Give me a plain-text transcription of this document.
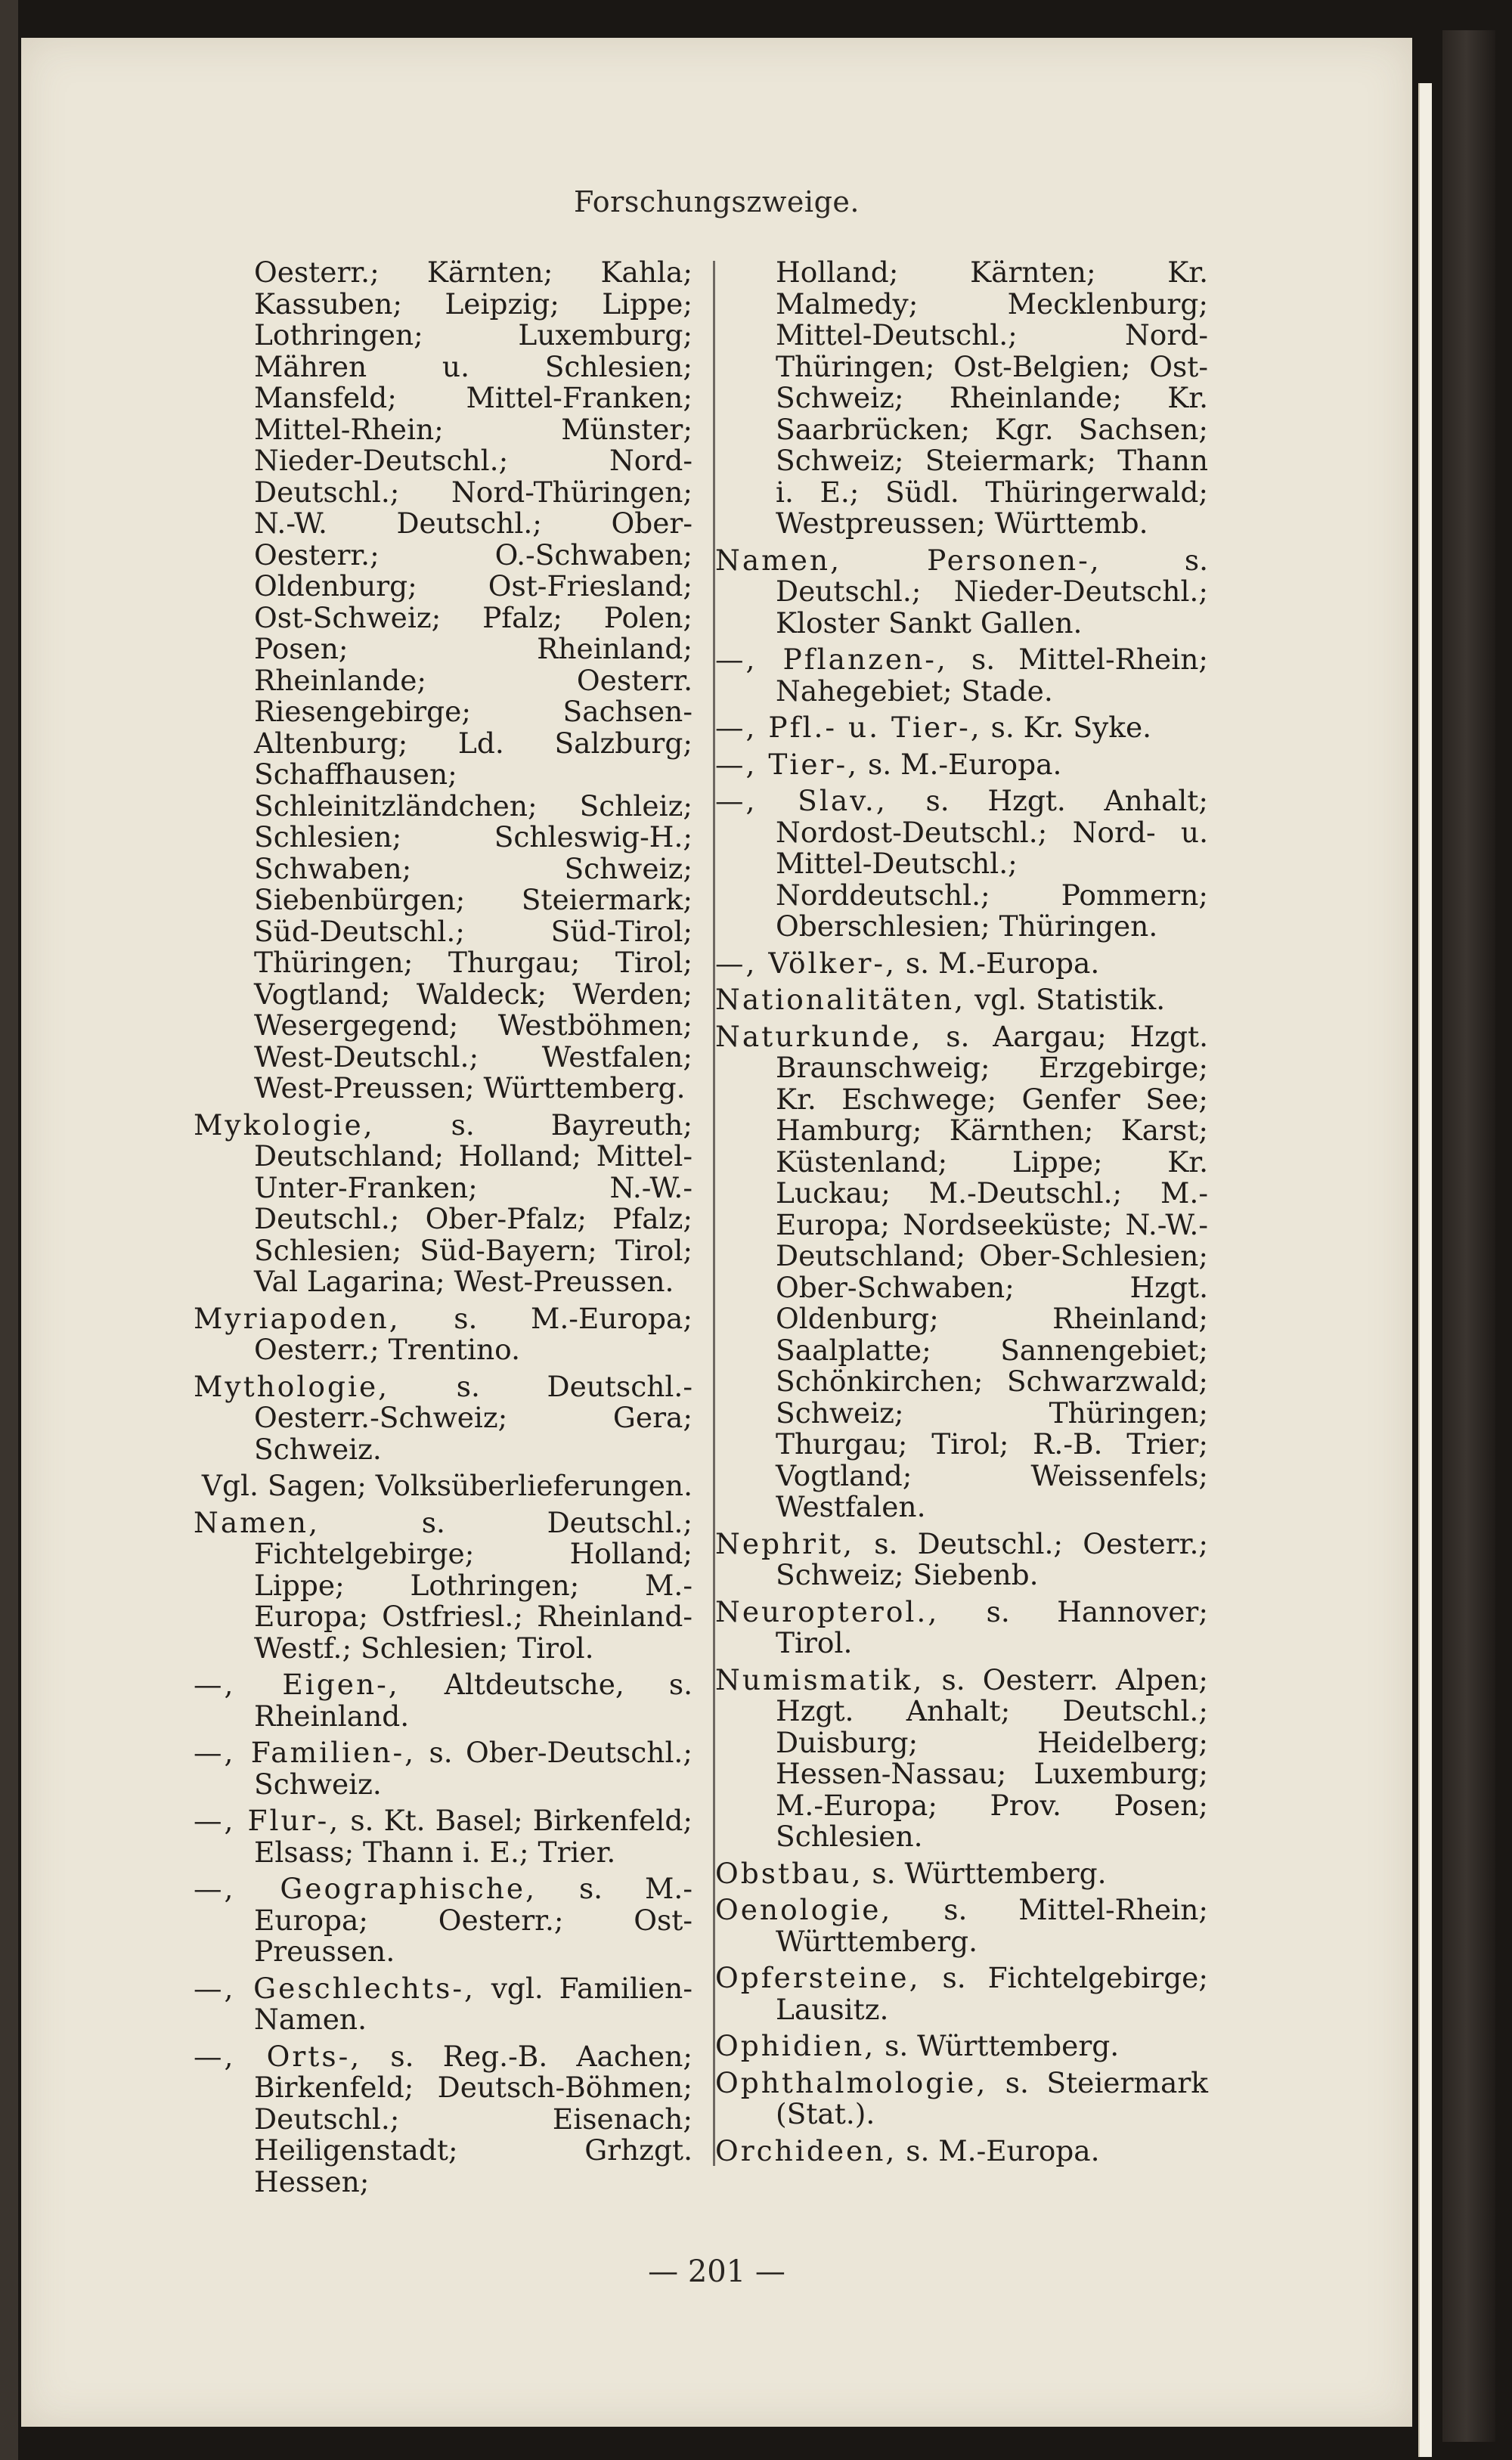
Forschungszweige.

Oesterr.; Kärnten; Kahla; Kassuben; Leipzig; Lippe; Lothringen; Luxemburg; Mähren u. Schlesien; Mansfeld; Mittel-Franken; Mittel-Rhein; Münster; Nieder-Deutschl.; Nord-Deutschl.; Nord-Thüringen; N.-W. Deutschl.; Ober-Oesterr.; O.-Schwaben; Oldenburg; Ost-Friesland; Ost-Schweiz; Pfalz; Polen; Posen; Rheinland; Rheinlande; Oesterr. Riesengebirge; Sachsen-Altenburg; Ld. Salzburg; Schaffhausen; Schleinitzländchen; Schleiz; Schlesien; Schleswig-H.; Schwaben; Schweiz; Siebenbürgen; Steiermark; Süd-Deutschl.; Süd-Tirol; Thüringen; Thurgau; Tirol; Vogtland; Waldeck; Werden; Wesergegend; Westböhmen; West-Deutschl.; Westfalen; West-Preussen; Württemberg.

Mykologie,	s. Bayreuth; Deutschland; Holland; Mittel-Unter-Franken; N.-W.-Deutschl.; Ober-Pfalz; Pfalz; Schlesien; Süd-Bayern; Tirol; Val Lagarina; West-Preussen.

Myriapoden, s. M.-Europa; Oesterr.; Trentino.

Mythologie, s. Deutschl.-Oesterr.-Schweiz; Gera; Schweiz.

Vgl. Sagen; Volksüberlieferungen.

Namen,	s. Deutschl.; Fichtelgebirge; Holland; Lippe; Lothringen; M.-Europa; Ostfriesl.; Rheinland-Westf.; Schlesien; Tirol.

—, Eigen-, Altdeutsche, s. Rheinland.

—, Familien-, s. Ober-Deutschl.; Schweiz.

—, Flur-, s. Kt. Basel; Birkenfeld; Elsass; Thann i. E.; Trier.

—, Geographische, s. M.-Europa; Oesterr.; Ost-Preussen.

—, Geschlechts-, vgl. Familien-Namen.

—, Orts-, s. Reg.-B. Aachen; Birkenfeld; Deutsch-Böhmen; Deutschl.; Eisenach; Heiligenstadt; Grhzgt. Hessen;

Holland; Kärnten; Kr. Malmedy; Mecklenburg; Mittel-Deutschl.; Nord-Thüringen; Ost-Belgien; Ost-Schweiz; Rheinlande; Kr. Saarbrücken; Kgr. Sachsen; Schweiz; Steiermark; Thann i. E.; Südl. Thüringerwald; Westpreussen; Württemb.

Namen, Personen-,	s. Deutschl.; Nieder-Deutschl.; Kloster Sankt Gallen.

—, Pflanzen-, s. Mittel-Rhein; Nahegebiet; Stade.

—, Pfl.- u. Tier-, s. Kr. Syke.

—, Tier-, s. M.-Europa.

—, Slav., s. Hzgt. Anhalt; Nordost-Deutschl.; Nord- u. Mittel-Deutschl.; Norddeutschl.; Pommern; Oberschlesien; Thüringen.

—, Völker-, s. M.-Europa.

Nationalitäten, vgl. Statistik.

Naturkunde, s. Aargau; Hzgt. Braunschweig; Erzgebirge; Kr. Eschwege; Genfer See; Hamburg; Kärnthen; Karst; Küstenland; Lippe; Kr. Luckau; M.-Deutschl.; M.-Europa; Nordseeküste; N.-W.-Deutschland; Ober-Schlesien; Ober-Schwaben; Hzgt. Oldenburg; Rheinland; Saalplatte; Sannengebiet; Schönkirchen; Schwarzwald; Schweiz; Thüringen; Thurgau; Tirol; R.-B. Trier; Vogtland; Weissenfels; Westfalen.

Nephrit, s. Deutschl.; Oesterr.; Schweiz; Siebenb.

Neuropterol., s. Hannover; Tirol.

Numismatik, s. Oesterr. Alpen; Hzgt. Anhalt; Deutschl.; Duisburg; Heidelberg; Hessen-Nassau; Luxemburg; M.-Europa; Prov. Posen; Schlesien.

Obstbau, s. Württemberg.

Oenologie, s. Mittel-Rhein; Württemberg.

Opfersteine, s. Fichtelgebirge; Lausitz.

Ophidien, s. Württemberg.

Ophthalmologie, s. Steiermark (Stat.).

Orchideen, s. M.-Europa.

— 201 —
